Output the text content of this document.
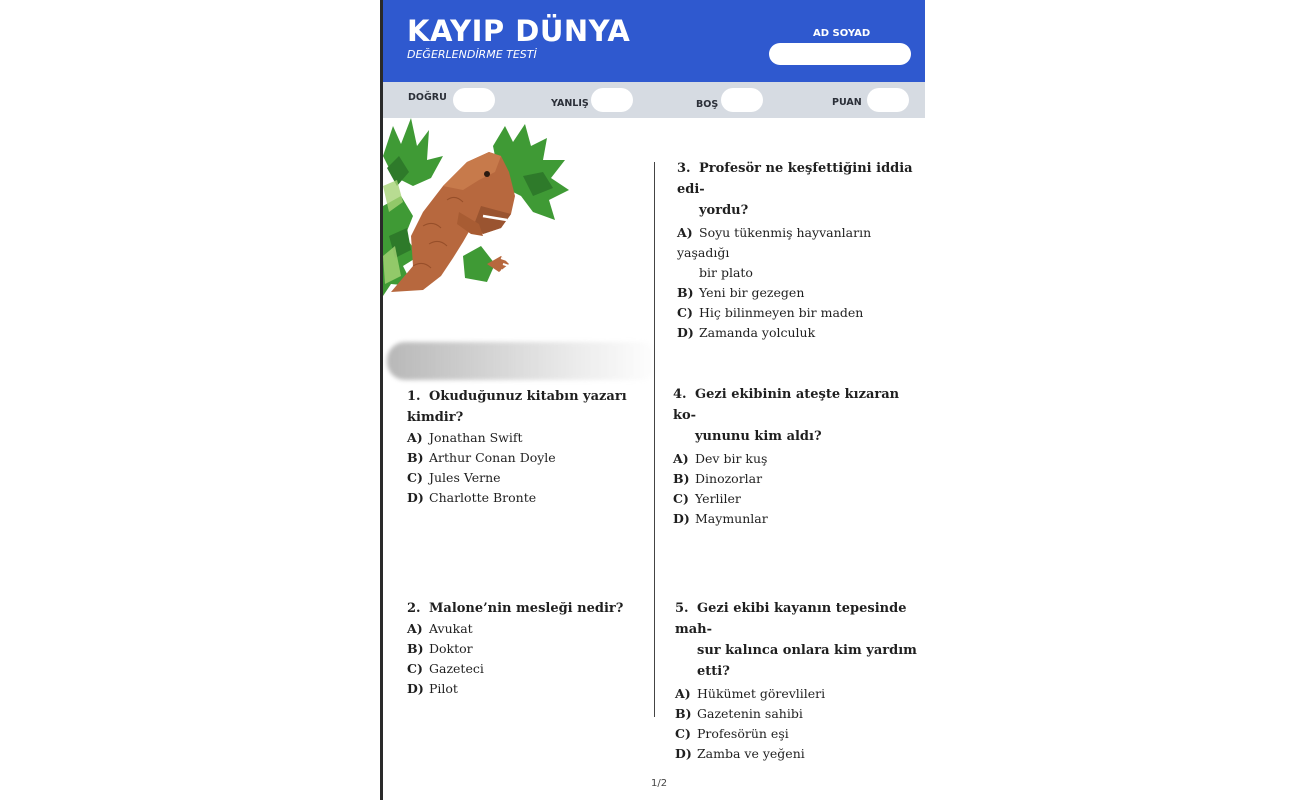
KAYIP DÜNYA
DEĞERLENDİRME TESTİ
AD SOYAD
DOĞRU
YANLIŞ	BOŞ	PUAN
1. Okuduğunuz kitabın yazarı kimdir?
A) Jonathan Swift
B) Arthur Conan Doyle
C) Jules Verne
D) Charlotte Bronte
2. Malone’nin mesleği nedir?
A) Avukat
B) Doktor
C) Gazeteci
D) Pilot
3. Profesör ne keşfettiğini iddia edi-
yordu?
A) Soyu tükenmiş hayvanların yaşadığı
bir plato
B) Yeni bir gezegen
C) Hiç bilinmeyen bir maden
D) Zamanda yolculuk
4. Gezi ekibinin ateşte kızaran ko-
yununu kim aldı?
A) Dev bir kuş
B) Dinozorlar
C) Yerliler
D) Maymunlar
5. Gezi ekibi kayanın tepesinde mah-
sur kalınca onlara kim yardım etti?
A) Hükümet görevlileri
B) Gazetenin sahibi
C) Profesörün eşi
D) Zamba ve yeğeni
1/2
